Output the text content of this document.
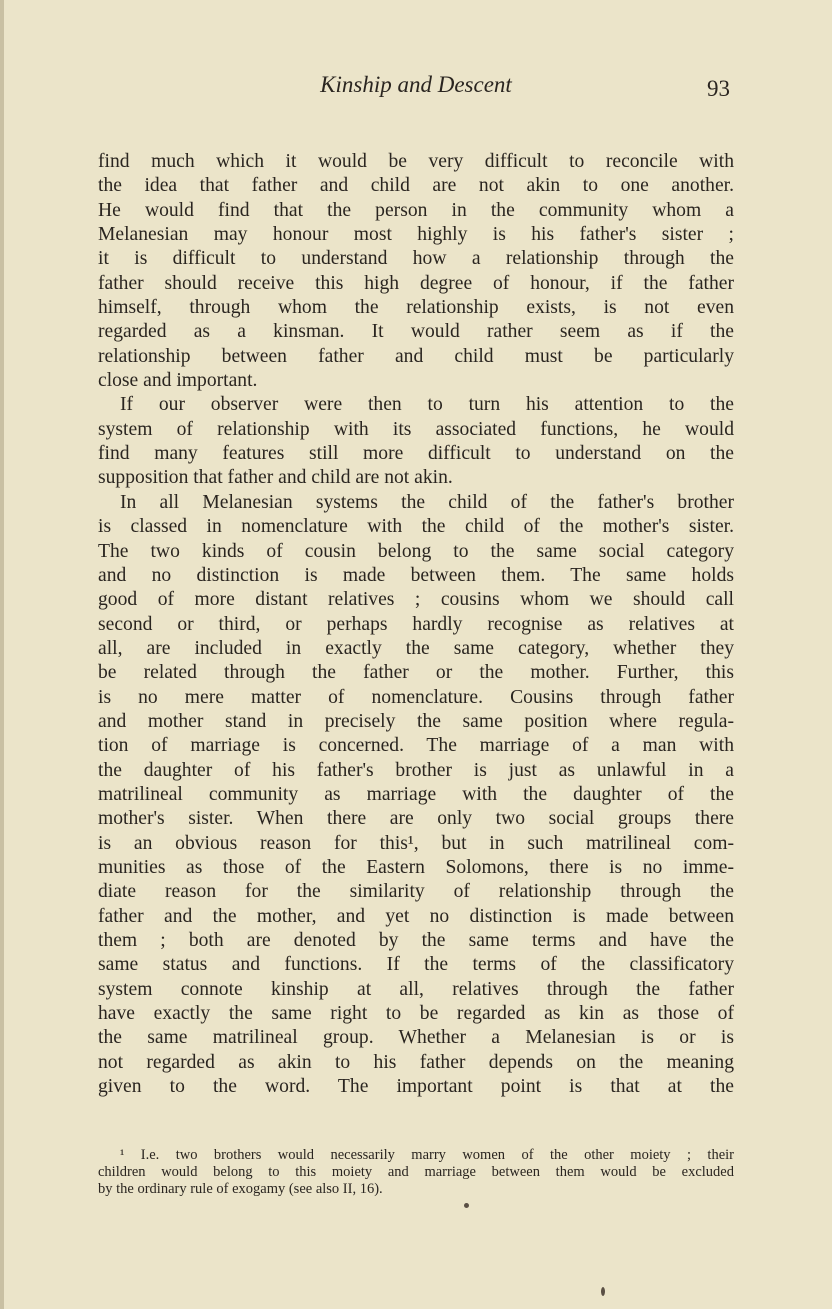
Kinship and Descent	93
find much which it would be very difficult to reconcile with
the idea that father and child are not akin to one another.
He would find that the person in the community whom a
Melanesian may honour most highly is his father's sister ;
it is difficult to understand how a relationship through the
father should receive this high degree of honour, if the father
himself, through whom the relationship exists, is not even
regarded as a kinsman. It would rather seem as if the
relationship between father and child must be particularly
close and important.
If our observer were then to turn his attention to the
system of relationship with its associated functions, he would
find many features still more difficult to understand on the
supposition that father and child are not akin.
In all Melanesian systems the child of the father's brother
is classed in nomenclature with the child of the mother's sister.
The two kinds of cousin belong to the same social category
and no distinction is made between them. The same holds
good of more distant relatives ; cousins whom we should call
second or third, or perhaps hardly recognise as relatives at
all, are included in exactly the same category, whether they
be related through the father or the mother. Further, this
is no mere matter of nomenclature. Cousins through father
and mother stand in precisely the same position where regula-
tion of marriage is concerned. The marriage of a man with
the daughter of his father's brother is just as unlawful in a
matrilineal community as marriage with the daughter of the
mother's sister. When there are only two social groups there
is an obvious reason for this¹, but in such matrilineal com-
munities as those of the Eastern Solomons, there is no imme-
diate reason for the similarity of relationship through the
father and the mother, and yet no distinction is made between
them ; both are denoted by the same terms and have the
same status and functions. If the terms of the classificatory
system connote kinship at all, relatives through the father
have exactly the same right to be regarded as kin as those of
the same matrilineal group. Whether a Melanesian is or is
not regarded as akin to his father depends on the meaning
given to the word. The important point is that at the
¹ I.e. two brothers would necessarily marry women of the other moiety ; their
children would belong to this moiety and marriage between them would be excluded
by the ordinary rule of exogamy (see also II, 16).
